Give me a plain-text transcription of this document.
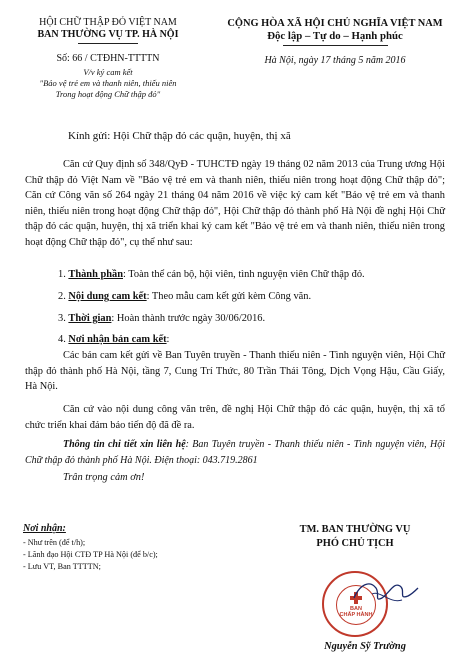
HỘI CHỮ THẬP ĐỎ VIỆT NAM
BAN THƯỜNG VỤ TP. HÀ NỘI
Số: 66 / CTĐHN-TTTTN
V/v ký cam kết
"Bảo vệ trẻ em và thanh niên, thiếu niên
Trong hoạt động Chữ thập đỏ"
CỘNG HÒA XÃ HỘI CHỦ NGHĨA VIỆT NAM
Độc lập – Tự do – Hạnh phúc
Hà Nội, ngày 17 tháng 5 năm 2016
Kính gửi: Hội Chữ thập đỏ các quận, huyện, thị xã
Căn cứ Quy định số 348/QyĐ - TUHCTĐ ngày 19 tháng 02 năm 2013 của Trung ương Hội Chữ thập đỏ Việt Nam về "Bảo vệ trẻ em và thanh niên, thiếu niên trong hoạt động Chữ thập đỏ"; Căn cứ Công văn số 264 ngày 21 tháng 04 năm 2016 về việc ký cam kết "Bảo vệ trẻ em và thanh niên, thiếu niên trong hoạt động Chữ thập đỏ", Hội Chữ thập đỏ thành phố Hà Nội đề nghị Hội Chữ thập đỏ các quận, huyện, thị xã triển khai ký cam kết "Bảo vệ trẻ em và thanh niên, thiếu niên trong hoạt động Chữ thập đỏ", cụ thể như sau:
1. Thành phần: Toàn thể cán bộ, hội viên, tình nguyện viên Chữ thập đỏ.
2. Nội dung cam kết: Theo mẫu cam kết gửi kèm Công văn.
3. Thời gian: Hoàn thành trước ngày 30/06/2016.
4. Nơi nhận bản cam kết:
Các bản cam kết gửi về Ban Tuyên truyền - Thanh thiếu niên - Tình nguyện viên, Hội Chữ thập đỏ thành phố Hà Nội, tầng 7, Cung Trí Thức, 80 Trần Thái Tông, Dịch Vọng Hậu, Cầu Giấy, Hà Nội.
Căn cứ vào nội dung công văn trên, đề nghị Hội Chữ thập đỏ các quận, huyện, thị xã tổ chức triển khai đảm bảo tiến độ đã đề ra.
Thông tin chi tiết xin liên hệ: Ban Tuyên truyền - Thanh thiếu niên - Tình nguyện viên, Hội Chữ thập đỏ thành phố Hà Nội. Điện thoại: 043.719.2861
Trân trọng cảm ơn!
Nơi nhận:
- Như trên (để t/h);
- Lãnh đạo Hội CTĐ TP Hà Nội (để b/c);
- Lưu VT, Ban TTTTN;
TM. BAN THƯỜNG VỤ
PHÓ CHỦ TỊCH
BAN
CHẤP HÀNH
Nguyễn Sỹ Trường
